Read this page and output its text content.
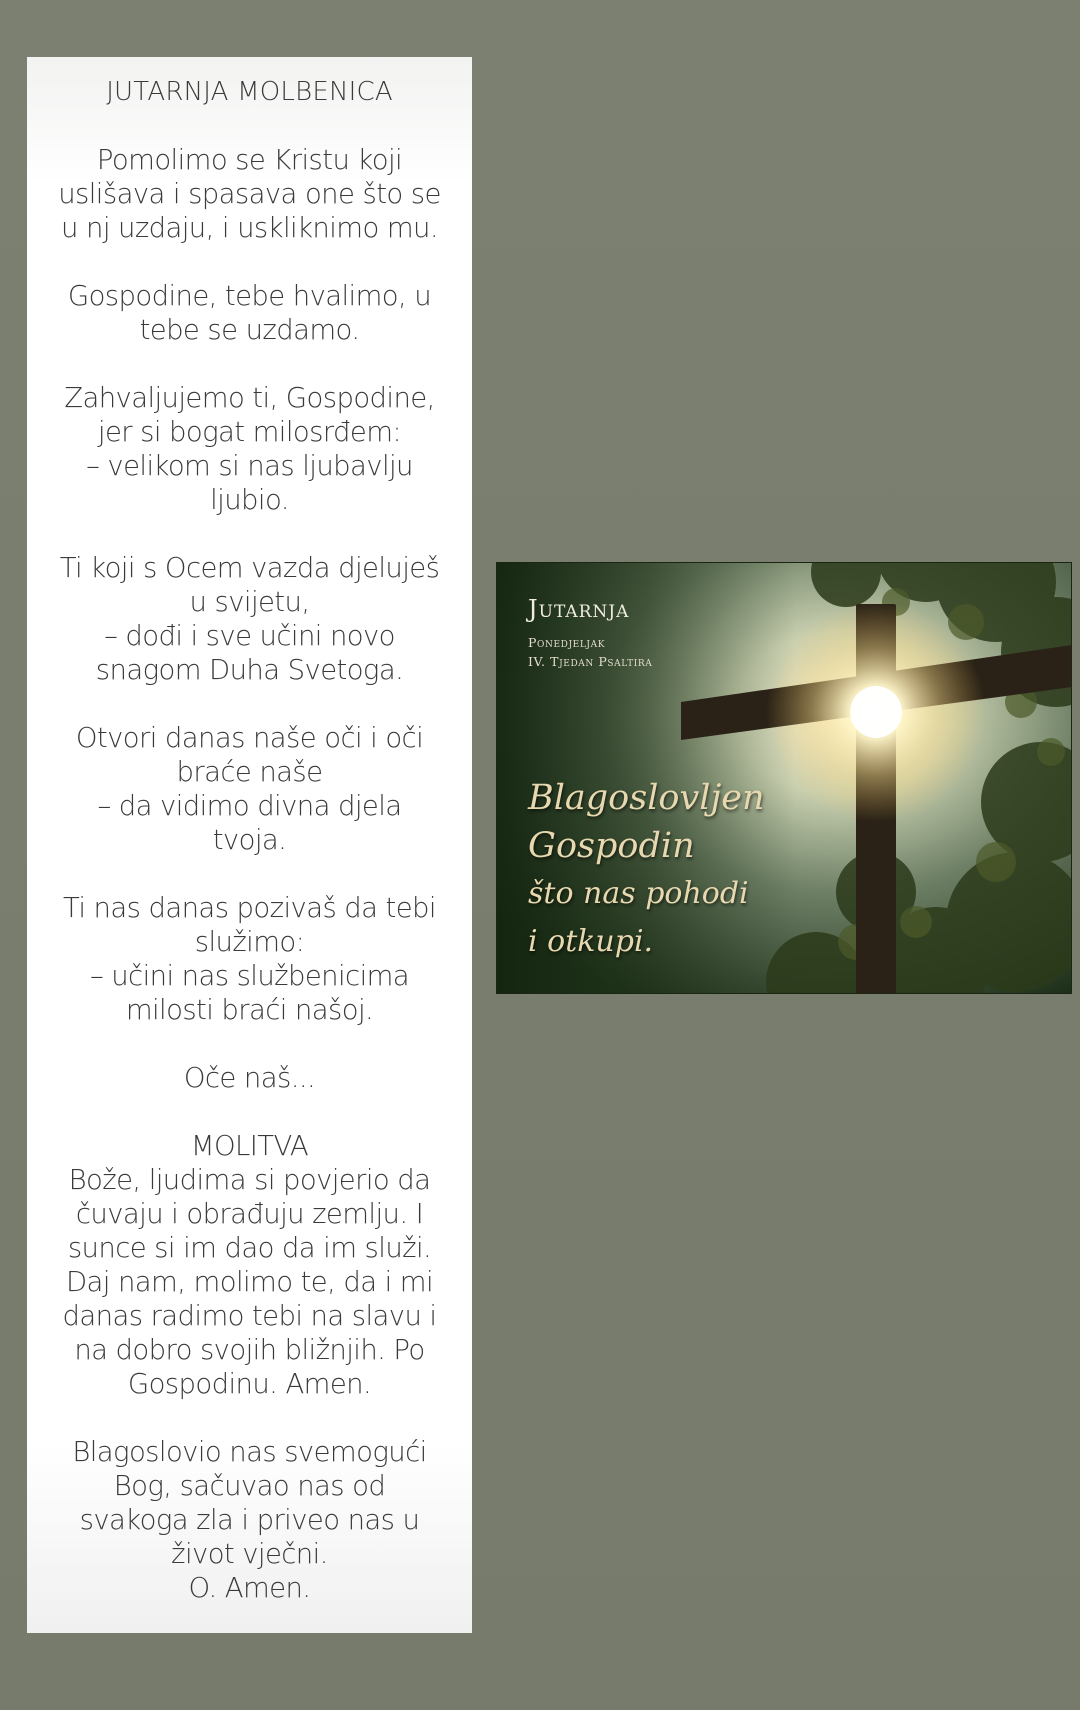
JUTARNJA MOLBENICA
Pomolimo se Kristu koji
uslišava i spasava one što se
u nj uzdaju, i uskliknimo mu.
Gospodine, tebe hvalimo, u
tebe se uzdamo.
Zahvaljujemo ti, Gospodine,
jer si bogat milosrđem:
– velikom si nas ljubavlju
ljubio.
Ti koji s Ocem vazda djeluješ
u svijetu,
– dođi i sve učini novo
snagom Duha Svetoga.
Otvori danas naše oči i oči
braće naše
– da vidimo divna djela
tvoja.
Ti nas danas pozivaš da tebi
služimo:
– učini nas službenicima
milosti braći našoj.
Oče naš...
MOLITVA
Bože, ljudima si povjerio da
čuvaju i obrađuju zemlju. I
sunce si im dao da im služi.
Daj nam, molimo te, da i mi
danas radimo tebi na slavu i
na dobro svojih bližnjih. Po
Gospodinu. Amen.
Blagoslovio nas svemogući
Bog, sačuvao nas od
svakoga zla i priveo nas u
život vječni.
O. Amen.
Jutarnja
Ponedjeljak
IV. Tjedan Psaltira
Blagoslovljen
Gospodin
što nas pohodi
i otkupi.
